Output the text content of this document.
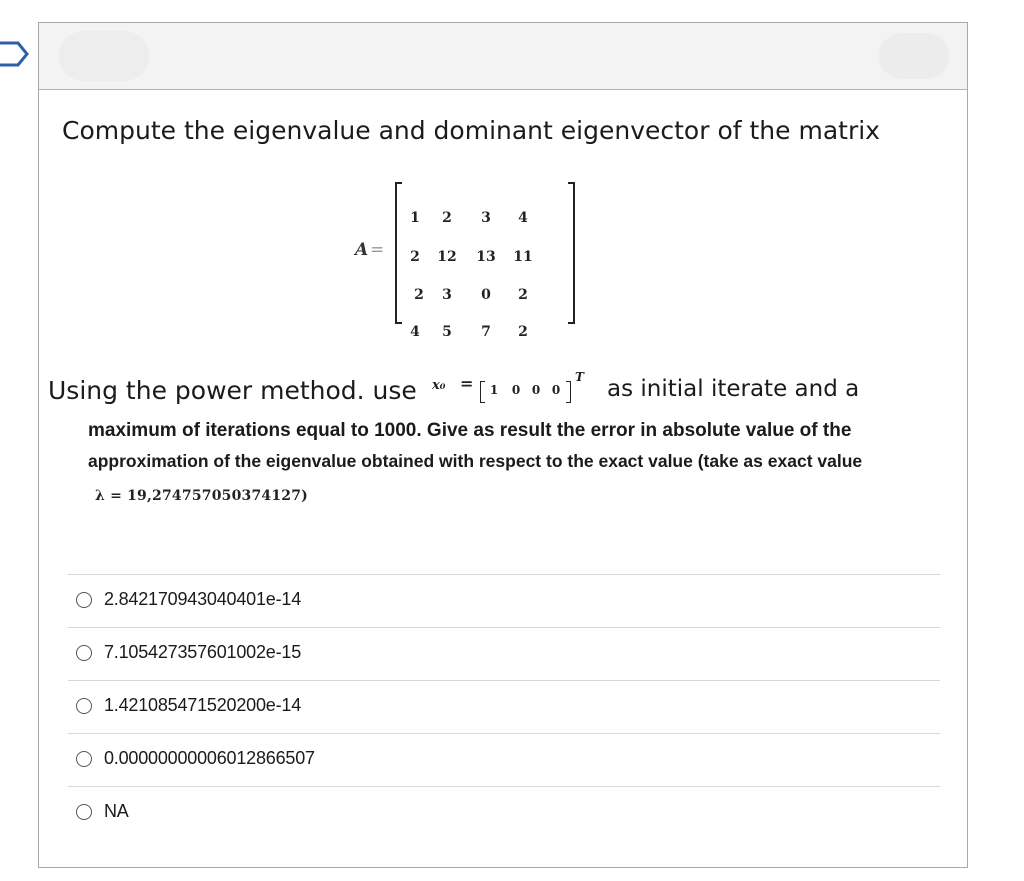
Compute the eigenvalue and dominant eigenvector of the matrix

A =
1	2	3	4
2	12	13	11
2	3	0	2
4	5	7	2
Using the power method. use x₀ =	1	0 0 0
T as initial iterate and a

maximum of iterations equal to 1000. Give as result the error in absolute value of the

approximation of the eigenvalue obtained with respect to the exact value (take as exact value

λ = 19,274757050374127)
2.842170943040401e-14
7.105427357601002e-15
1.421085471520200e-14
0.00000000006012866507
NA
